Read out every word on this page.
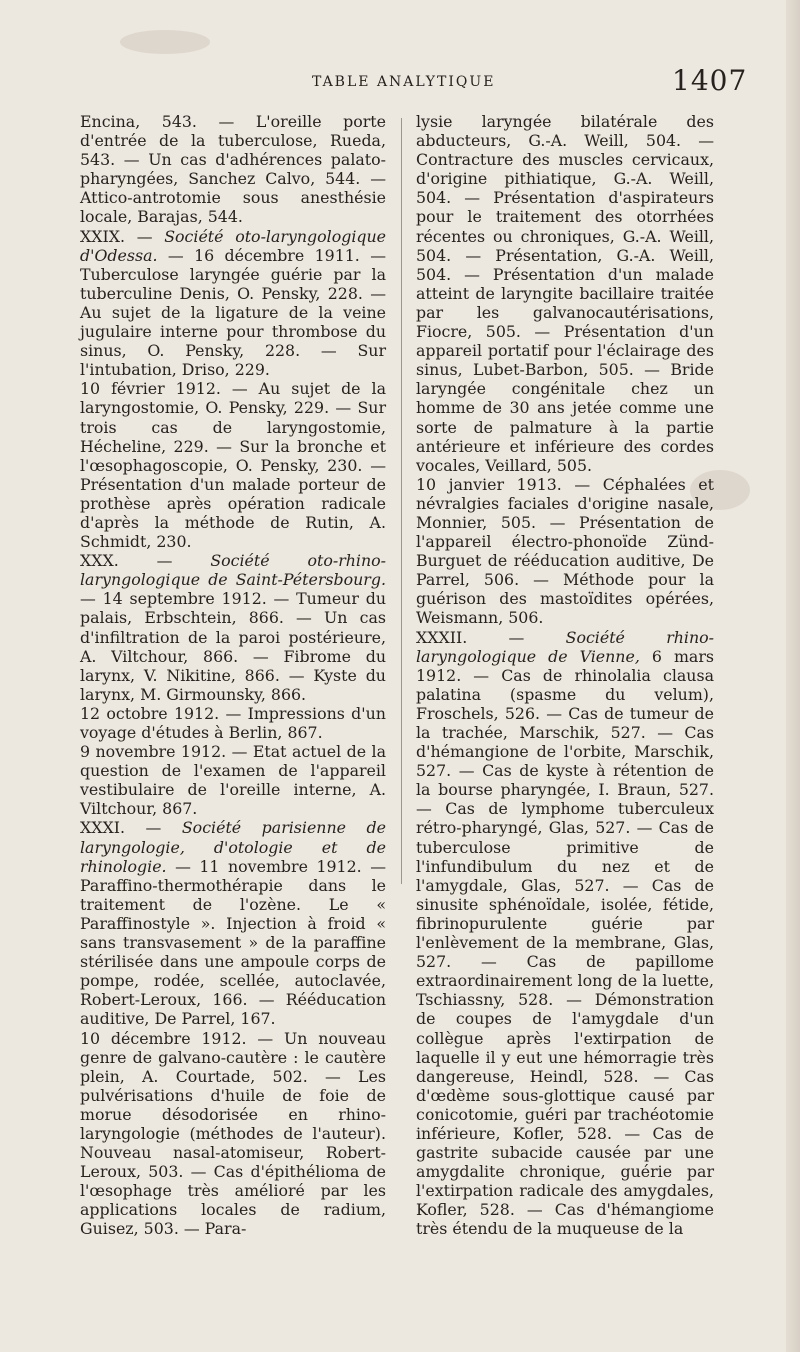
TABLE ANALYTIQUE	1407

Encina, 543. — L'oreille porte d'entrée de la tuberculose, Rueda, 543. — Un cas d'adhérences palato-pharyngées, Sanchez Calvo, 544. — Attico-antrotomie sous anesthésie locale, Barajas, 544.

XXIX. — Société oto-laryngologique d'Odessa. — 16 décembre 1911. — Tuberculose laryngée guérie par la tuberculine Denis, O. Pensky, 228. — Au sujet de la ligature de la veine jugulaire interne pour thrombose du sinus, O. Pensky, 228. — Sur l'intubation, Driso, 229.

10 février 1912. — Au sujet de la laryngostomie, O. Pensky, 229. — Sur trois cas de laryngostomie, Hécheline, 229. — Sur la bronche et l'œsophagoscopie, O. Pensky, 230. — Présentation d'un malade porteur de prothèse après opération radicale d'après la méthode de Rutin, A. Schmidt, 230.

XXX. — Société oto-rhino-laryngologique de Saint-Pétersbourg.— 14 septembre 1912. — Tumeur du palais, Erbschtein, 866. — Un cas d'infiltration de la paroi postérieure, A. Viltchour, 866. — Fibrome du larynx, V. Nikitine, 866. — Kyste du larynx, M. Girmounsky, 866.

12 octobre 1912. — Impressions d'un voyage d'études à Berlin, 867.

9 novembre 1912. — Etat actuel de la question de l'examen de l'appareil vestibulaire de l'oreille interne, A. Viltchour, 867.

XXXI. — Société parisienne de laryngologie, d'otologie et de rhinologie. — 11 novembre 1912. — Paraffino-thermothérapie dans le traitement de l'ozène. Le « Paraffinostyle ». Injection à froid « sans transvasement » de la paraffine stérilisée dans une ampoule corps de pompe, rodée, scellée, autoclavée, Robert-Leroux, 166. — Rééducation auditive, De Parrel, 167.

10 décembre 1912. — Un nouveau genre de galvano-cautère : le cautère plein, A. Courtade, 502. — Les pulvérisations d'huile de foie de morue désodorisée en rhino-laryngologie (méthodes de l'auteur). Nouveau nasal-atomiseur, Robert-Leroux, 503. — Cas d'épithélioma de l'œsophage très amélioré par les applications locales de radium, Guisez, 503. — Para-

lysie laryngée bilatérale des abducteurs, G.-A. Weill, 504. — Contracture des muscles cervicaux, d'origine pithiatique, G.-A. Weill, 504. — Présentation d'aspirateurs pour le traitement des otorrhées récentes ou chroniques, G.-A. Weill, 504. — Présentation, G.-A. Weill, 504. — Présentation d'un malade atteint de laryngite bacillaire traitée par les galvanocautérisations, Fiocre, 505. — Présentation d'un appareil portatif pour l'éclairage des sinus, Lubet-Barbon, 505. — Bride laryngée congénitale chez un homme de 30 ans jetée comme une sorte de palmature à la partie antérieure et inférieure des cordes vocales, Veillard, 505.

10 janvier 1913. — Céphalées et névralgies faciales d'origine nasale, Monnier, 505. — Présentation de l'appareil électro-phonoïde Zünd-Burguet de rééducation auditive, De Parrel, 506. — Méthode pour la guérison des mastoïdites opérées, Weismann, 506.

XXXII. — Société rhino-laryngologique de Vienne, 6 mars 1912. — Cas de rhinolalia clausa palatina (spasme du velum), Froschels, 526. — Cas de tumeur de la trachée, Marschik, 527. — Cas d'hémangione de l'orbite, Marschik, 527. — Cas de kyste à rétention de la bourse pharyngée, I. Braun, 527. — Cas de lymphome tuberculeux rétro-pharyngé, Glas, 527. — Cas de tuberculose primitive de l'infundibulum du nez et de l'amygdale, Glas, 527. — Cas de sinusite sphénoïdale, isolée, fétide, fibrinopurulente guérie par l'enlèvement de la membrane, Glas, 527. — Cas de papillome extraordinairement long de la luette, Tschiassny, 528. — Démonstration de coupes de l'amygdale d'un collègue après l'extirpation de laquelle il y eut une hémorragie très dangereuse, Heindl, 528. — Cas d'œdème sous-glottique causé par conicotomie, guéri par trachéotomie inférieure, Kofler, 528. — Cas de gastrite subacide causée par une amygdalite chronique, guérie par l'extirpation radicale des amygdales, Kofler, 528. — Cas d'hémangiome très étendu de la muqueuse de la
